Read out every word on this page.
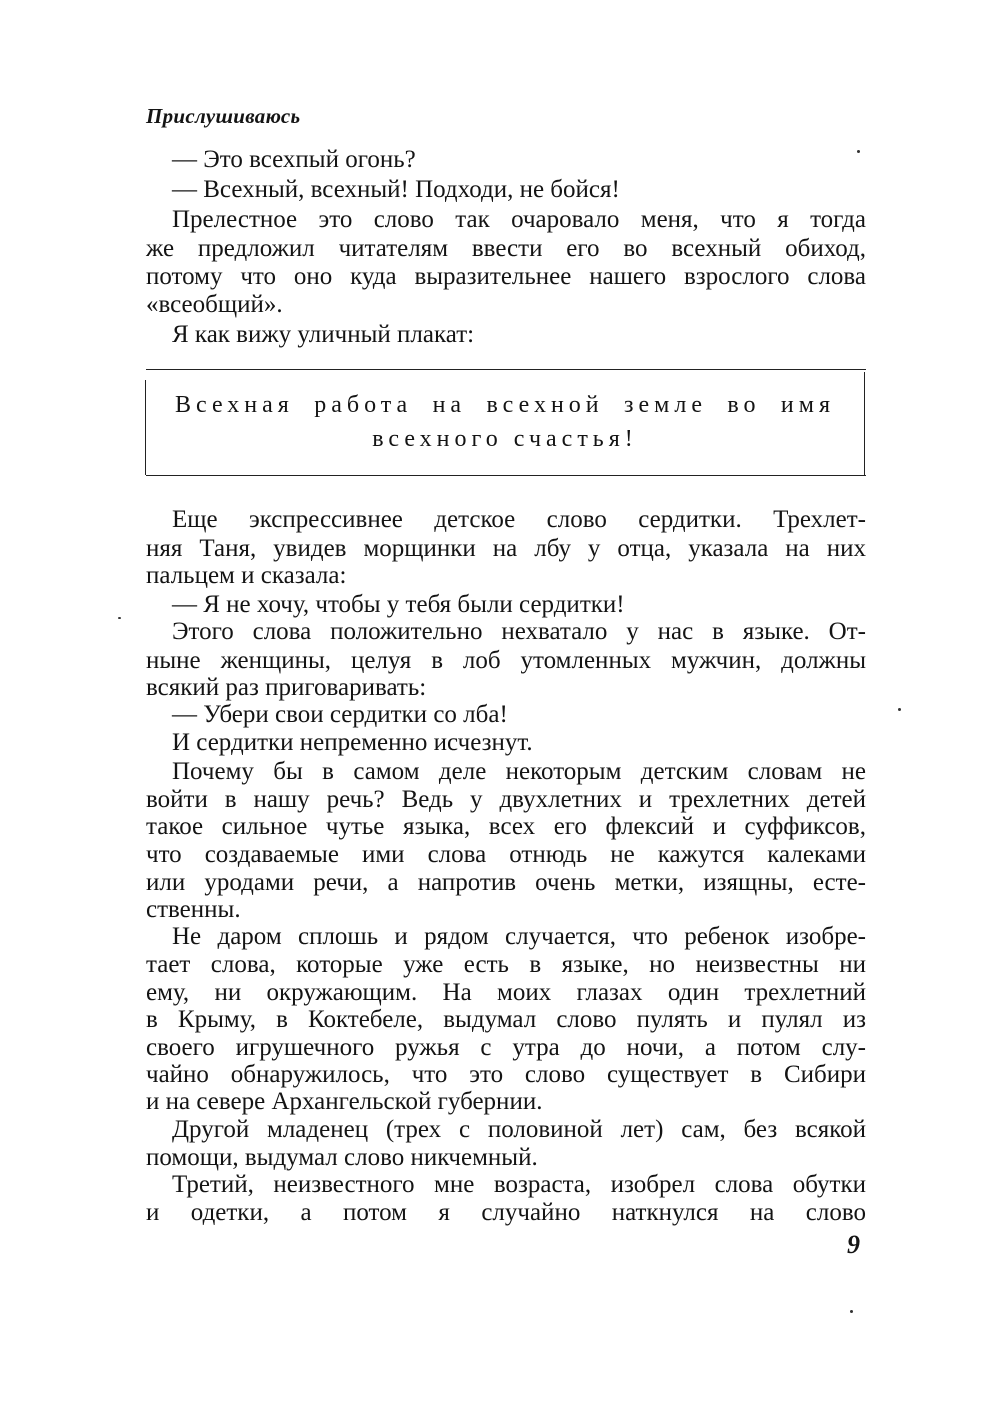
Прислушиваюсь
— Это всехпый огонь?
— Всехный, всехный! Подходи, не бойся!
Прелестное это слово так очаровало меня, что я тогда
же предложил читателям ввести его во всехный обиход,
потому что оно куда выразительнее нашего взрослого слова
«всеобщий».
Я как вижу уличный плакат:
Всехная работа на всехной земле во имя
всехного счастья!
Еще экспрессивнее детское слово сердитки. Трехлет-
няя Таня, увидев морщинки на лбу у отца, указала на них
пальцем и сказала:
— Я не хочу, чтобы у тебя были сердитки!
Этого слова положительно нехватало у нас в языке. От-
ныне женщины, целуя в лоб утомленных мужчин, должны
всякий раз приговаривать:
— Убери свои сердитки со лба!
И сердитки непременно исчезнут.
Почему бы в самом деле некоторым детским словам не
войти в нашу речь? Ведь у двухлетних и трехлетних детей
такое сильное чутье языка, всех его флексий и суффиксов,
что создаваемые ими слова отнюдь не кажутся калеками
или уродами речи, а напротив очень метки, изящны, есте-
ственны.
Не даром сплошь и рядом случается, что ребенок изобре-
тает слова, которые уже есть в языке, но неизвестны ни
ему, ни окружающим. На моих глазах один трехлетний
в Крыму, в Коктебеле, выдумал слово пулять и пулял из
своего игрушечного ружья с утра до ночи, а потом слу-
чайно обнаружилось, что это слово существует в Сибири
и на севере Архангельской губернии.
Другой младенец (трех с половиной лет) сам, без всякой
помощи, выдумал слово никчемный.
Третий, неизвестного мне возраста, изобрел слова обутки
и одетки, а потом я случайно наткнулся на слово
9
